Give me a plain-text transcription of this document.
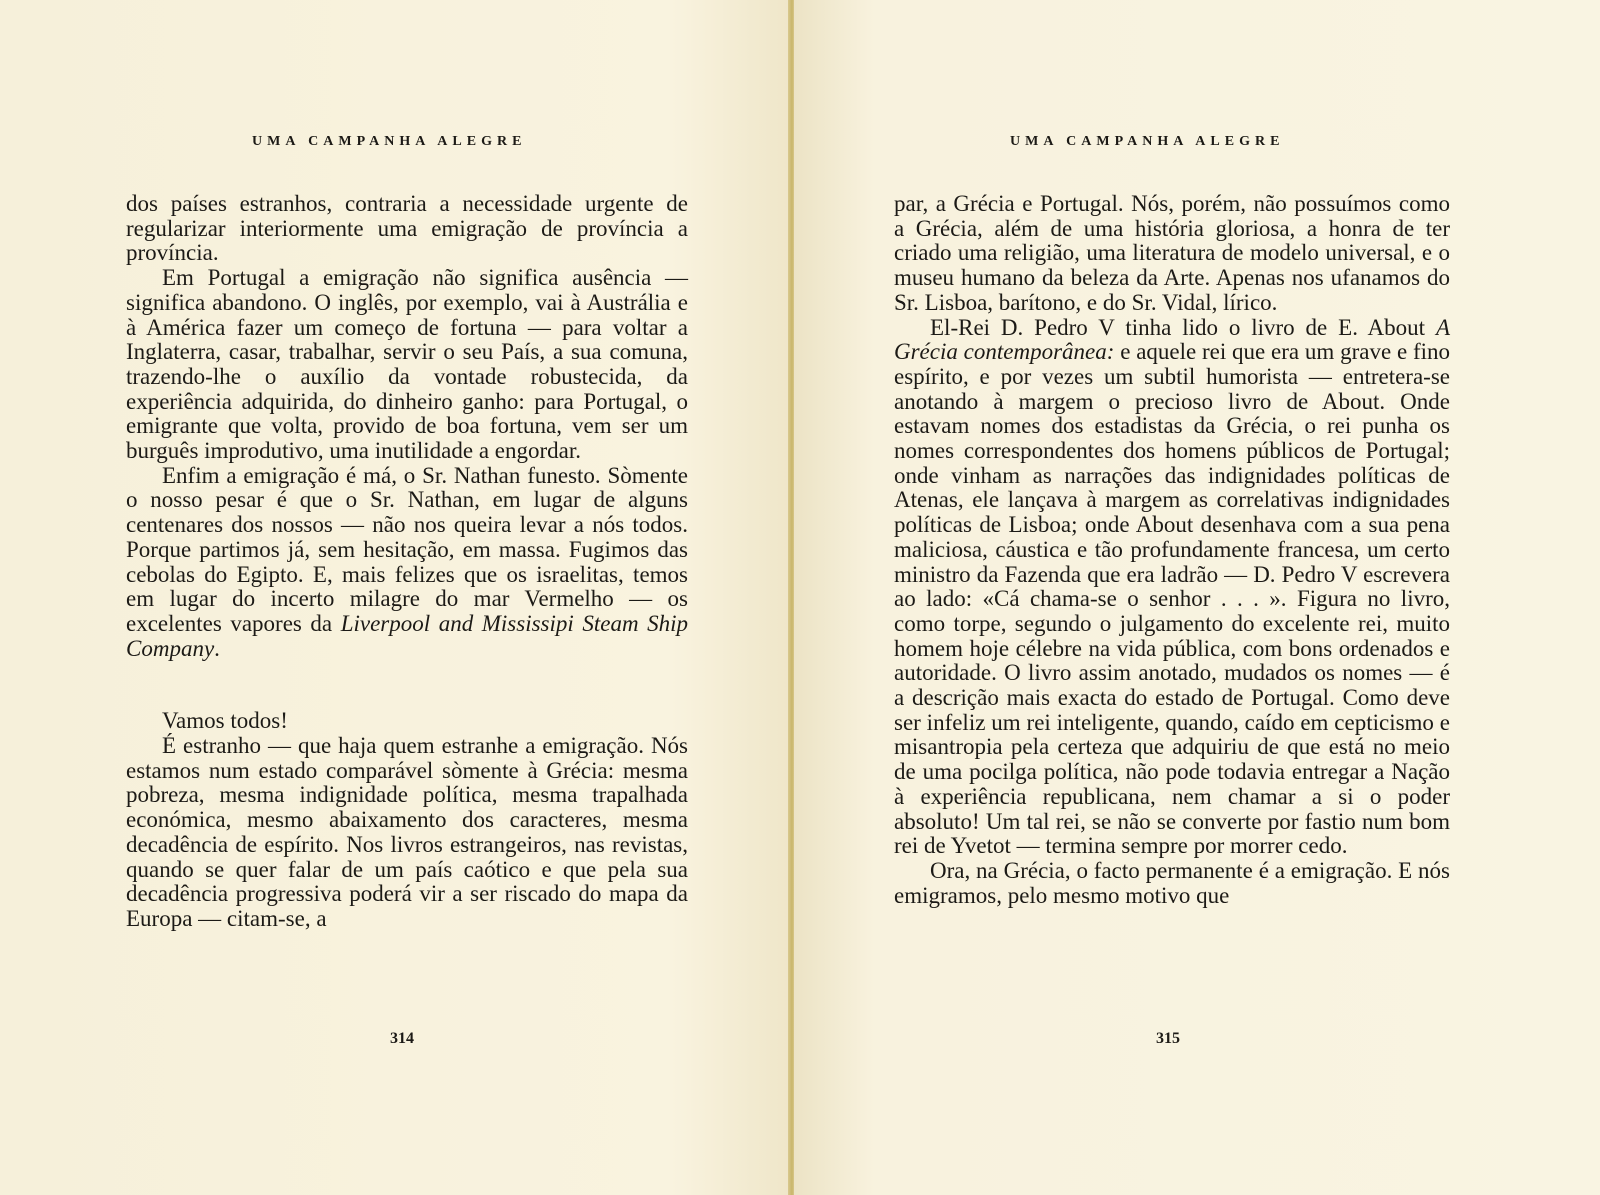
UMA CAMPANHA ALEGRE

dos países estranhos, contraria a necessidade urgente de regularizar interiormente uma emigração de província a província.

Em Portugal a emigração não significa ausência — significa abandono. O inglês, por exemplo, vai à Austrália e à América fazer um começo de fortuna — para voltar a Inglaterra, casar, trabalhar, servir o seu País, a sua comuna, trazendo-lhe o auxílio da vontade robustecida, da experiência adquirida, do dinheiro ganho: para Portugal, o emigrante que volta, provido de boa fortuna, vem ser um burguês improdutivo, uma inutilidade a engordar.

Enfim a emigração é má, o Sr. Nathan funesto. Sòmente o nosso pesar é que o Sr. Nathan, em lugar de alguns centenares dos nossos — não nos queira levar a nós todos. Porque partimos já, sem hesitação, em massa. Fugimos das cebolas do Egipto. E, mais felizes que os israelitas, temos em lugar do incerto milagre do mar Vermelho — os excelentes vapores da Liverpool and Mississipi Steam Ship Company.

Vamos todos!

É estranho — que haja quem estranhe a emigração. Nós estamos num estado comparável sòmente à Grécia: mesma pobreza, mesma indignidade política, mesma trapalhada económica, mesmo abaixamento dos caracteres, mesma decadência de espírito. Nos livros estrangeiros, nas revistas, quando se quer falar de um país caótico e que pela sua decadência progressiva poderá vir a ser riscado do mapa da Europa — citam-se, a

314
UMA CAMPANHA ALEGRE

par, a Grécia e Portugal. Nós, porém, não possuímos como a Grécia, além de uma história gloriosa, a honra de ter criado uma religião, uma literatura de modelo universal, e o museu humano da beleza da Arte. Apenas nos ufanamos do Sr. Lisboa, barítono, e do Sr. Vidal, lírico.

El-Rei D. Pedro V tinha lido o livro de E. About A Grécia contemporânea: e aquele rei que era um grave e fino espírito, e por vezes um subtil humorista — entretera-se anotando à margem o precioso livro de About. Onde estavam nomes dos estadistas da Grécia, o rei punha os nomes correspondentes dos homens públicos de Portugal; onde vinham as narrações das indignidades políticas de Atenas, ele lançava à margem as correlativas indignidades políticas de Lisboa; onde About desenhava com a sua pena maliciosa, cáustica e tão profundamente francesa, um certo ministro da Fazenda que era ladrão — D. Pedro V escrevera ao lado: «Cá chama-se o senhor . . . ». Figura no livro, como torpe, segundo o julgamento do excelente rei, muito homem hoje célebre na vida pública, com bons ordenados e autoridade. O livro assim anotado, mudados os nomes — é a descrição mais exacta do estado de Portugal. Como deve ser infeliz um rei inteligente, quando, caído em cepticismo e misantropia pela certeza que adquiriu de que está no meio de uma pocilga política, não pode todavia entregar a Nação à experiência republicana, nem chamar a si o poder absoluto! Um tal rei, se não se converte por fastio num bom rei de Yvetot — termina sempre por morrer cedo.

Ora, na Grécia, o facto permanente é a emigração. E nós emigramos, pelo mesmo motivo que

315
